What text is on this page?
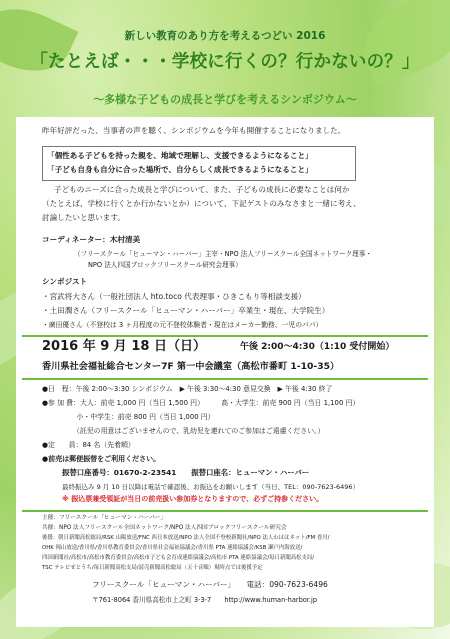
新しい教育のあり方を考えるつどい 2016
「たとえば・・・学校に行くの？行かないの？」
～多様な子どもの成長と学びを考えるシンポジウム～
昨年好評だった、当事者の声を聴く、シンポジウムを今年も開催することになりました。
「個性ある子どもを持った親を、地域で理解し、支援できるようになること」
「子ども自身も自分に合った場所で、自分らしく成長できるようになること」
子どものニーズに合った成長と学びについて、また、子どもの成長に必要なことは何か
（たとえば、学校に行くとか行かないとか）について、下記ゲストのみなさまと一緒に考え、
討論したいと思います。
コーディネーター：木村清美
（フリースクール「ヒューマン・ハーバー」主宰・NPO 法人フリースクール全国ネットワーク理事・
NPO 法人四国ブロックフリースクール研究会理事）
シンポジスト
・宮武将大さん（一般社団法人 hto.toco 代表理事・ひきこもり等相談支援）
・土田潤さん（フリースクール「ヒューマン・ハーバー」卒業生・現在、大学院生）
・廣田優さん（不登校は 3 ヶ月程度の元不登校体験者・現在はメーカー勤務、一児のパパ）
2016 年 9 月 18 日（日）	午後 2:00～4:30（1:10 受付開始）
香川県社会福祉総合センター7F 第一中会議室（高松市番町 1-10-35）
●日　程：午後 2:00～3:30 シンポジウム　▶ 午後 3:30～4:30 意見交換　▶ 午後 4:30 終了
●参 加 費：大人：前売 1,000 円（当日 1,500 円）　　　高・大学生：前売 900 円（当日 1,100 円）
　　　　　小・中学生：前売 800 円（当日 1,000 円）
　　　　　（託児の用意はございませんので、乳幼児を連れてのご参加はご遠慮ください。）
●定　　員：84 名（先着順）
●前売は郵便振替をご利用ください。
振替口座番号：01670-2-23541　　振替口座名：ヒューマン・ハーバー
最終振込み 9 月 10 日以降は電話で確認後、お振込をお願いします（当日、TEL：090-7623-6496）
※ 振込票兼受領証が当日の前売扱い参加券となりますので、必ずご持参ください。
主催：フリースクール「ヒューマン・ハーバー」
共催：NPO 法人フリースクール全国ネットワーク/NPO 法人四国ブロックフリースクール研究会
後援：朝日新聞高松総局/RSK 山陽放送/FNC 西日本放送/NPO 法人全国不登校新聞社/NPO 法人わははネット/FM 香川/
OHK 岡山放送/香川県/香川県教育委員会/香川県社会福祉協議会/香川県 PTA 連絡協議会/KSB 瀬戸内海放送/
四国新聞社/高松市/高松市教育委員会/高松市子ども会育成連絡協議会/高松市 PTA 連絡協議会/毎日新聞高松支局/
TSC テレビせとうち/毎日新聞高松支局/読売新聞高松総局（五十音順）現時点では後援予定
フリースクール「ヒューマン・ハーバー」　　電話：090-7623-6496
〒761-8064 香川県高松市上之町 3-3-7　　http://www.human-harbor.jp
